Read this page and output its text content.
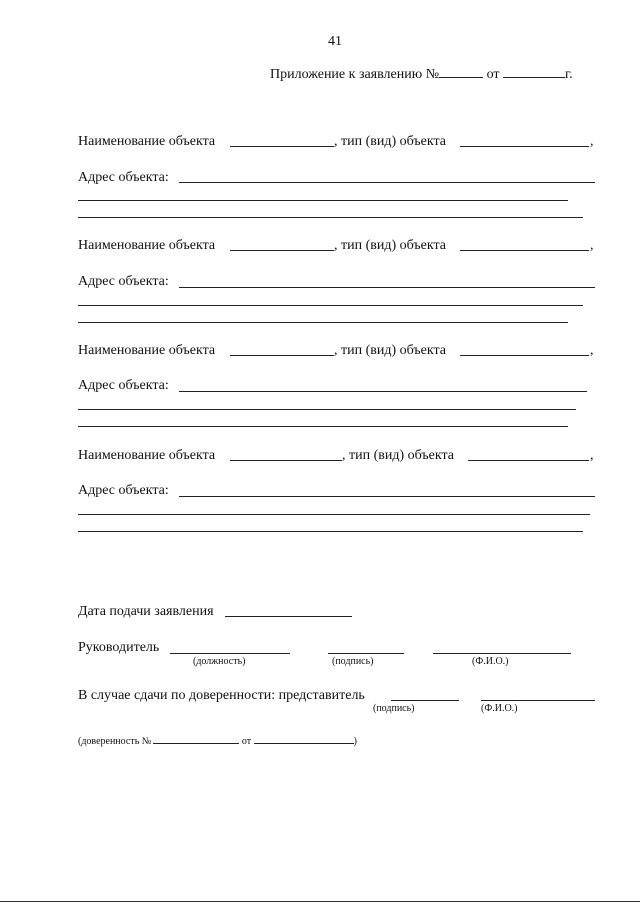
41
Приложение к заявлению №	от	г.
Наименование объекта	, тип (вид) объекта	,
Адрес объекта:
Наименование объекта	, тип (вид) объекта	,
Адрес объекта:
Наименование объекта	, тип (вид) объекта	,
Адрес объекта:
Наименование объекта	, тип (вид) объекта	,
Адрес объекта:
Дата подачи заявления
Руководитель
(должность)	(подпись)	(Ф.И.О.)
В случае сдачи по доверенности: представитель
(подпись)	(Ф.И.О.)
(доверенность №	от	)
